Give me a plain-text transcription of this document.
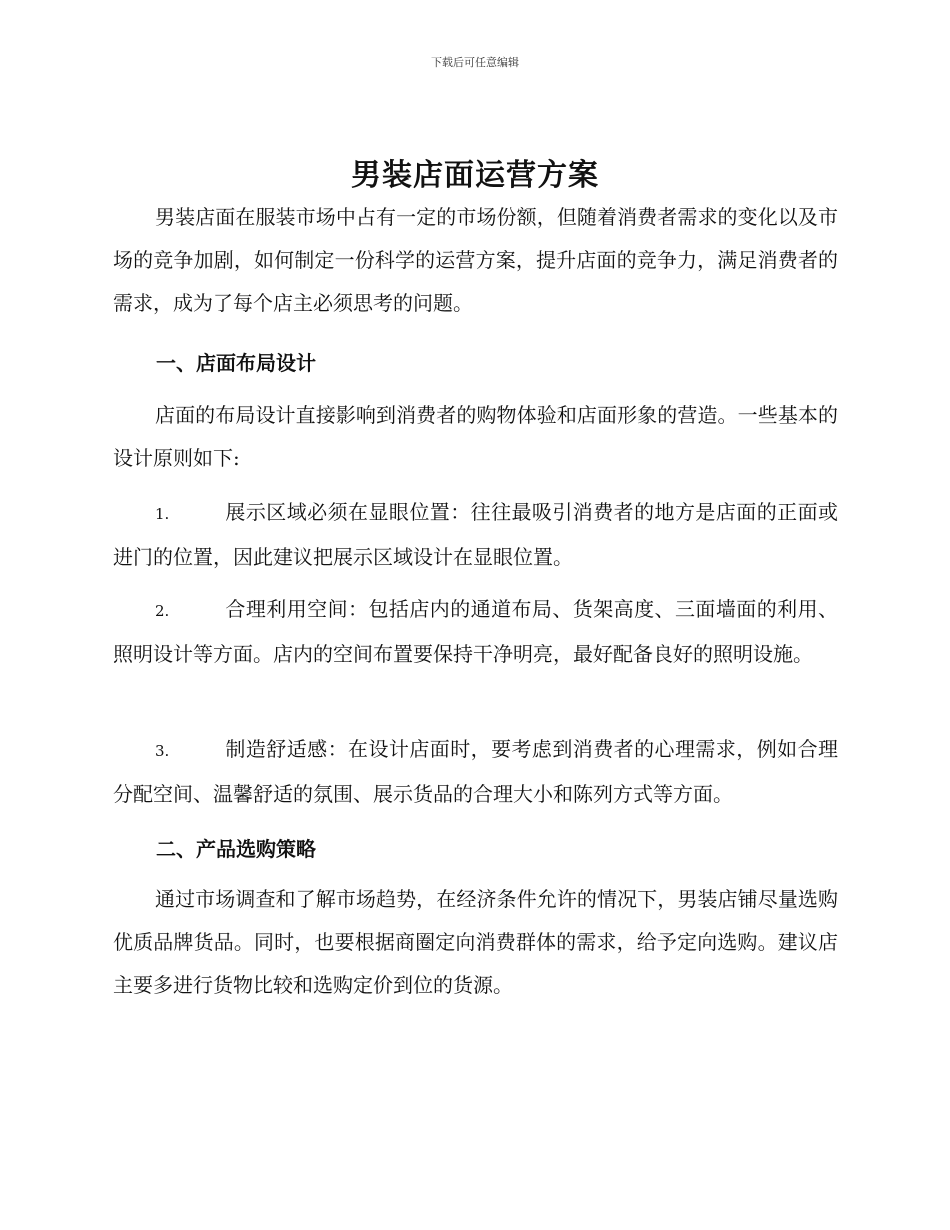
下载后可任意编辑
男装店面运营方案

男装店面在服装市场中占有一定的市场份额，但随着消费者需求的变化以及市场的竞争加剧，如何制定一份科学的运营方案，提升店面的竞争力，满足消费者的需求，成为了每个店主必须思考的问题。

一、店面布局设计

店面的布局设计直接影响到消费者的购物体验和店面形象的营造。一些基本的设计原则如下:

1.	展示区域必须在显眼位置：往往最吸引消费者的地方是店面的正面或进门的位置，因此建议把展示区域设计在显眼位置。

2.	合理利用空间：包括店内的通道布局、货架高度、三面墙面的利用、照明设计等方面。店内的空间布置要保持干净明亮，最好配备良好的照明设施。

3.	制造舒适感：在设计店面时，要考虑到消费者的心理需求，例如合理分配空间、温馨舒适的氛围、展示货品的合理大小和陈列方式等方面。

二、产品选购策略

通过市场调查和了解市场趋势，在经济条件允许的情况下，男装店铺尽量选购优质品牌货品。同时，也要根据商圈定向消费群体的需求，给予定向选购。建议店主要多进行货物比较和选购定价到位的货源。
